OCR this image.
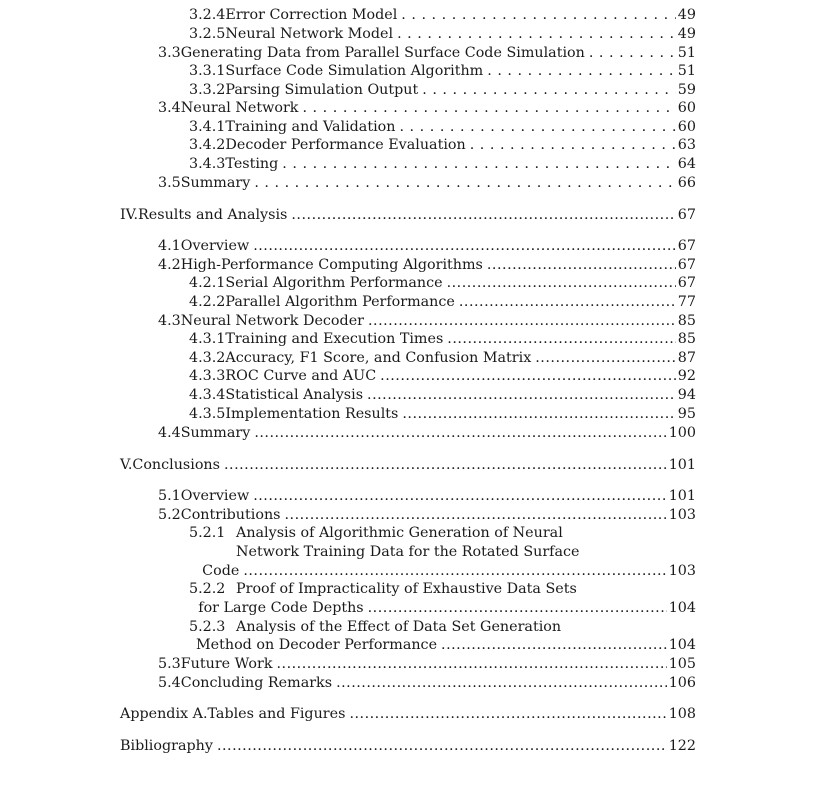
3.2.4 Error Correction Model . . .	49
3.2.5 Neural Network Model . . .	49
3.3 Generating Data from Parallel Surface Code Simulation . . .	51
3.3.1 Surface Code Simulation Algorithm . . .	51
3.3.2 Parsing Simulation Output . . .	59
3.4 Neural Network . . .	60
3.4.1 Training and Validation . . .	60
3.4.2 Decoder Performance Evaluation . . .	63
3.4.3 Testing . . .	64
3.5 Summary . . .	66
IV. Results and Analysis .....	67
4.1 Overview .....	67
4.2 High-Performance Computing Algorithms .....	67
4.2.1 Serial Algorithm Performance .....	67
4.2.2 Parallel Algorithm Performance .....	77
4.3 Neural Network Decoder .....	85
4.3.1 Training and Execution Times .....	85
4.3.2 Accuracy, F1 Score, and Confusion Matrix .....	87
4.3.3 ROC Curve and AUC .....	92
4.3.4 Statistical Analysis .....	94
4.3.5 Implementation Results .....	95
4.4 Summary .....	100
V. Conclusions .....	101
5.1 Overview .....	101
5.2 Contributions .....	103
5.2.1 Analysis of Algorithmic Generation of Neural
Network Training Data for the Rotated Surface
Code .....	103
5.2.2 Proof of Impracticality of Exhaustive Data Sets
for Large Code Depths .....	104
5.2.3 Analysis of the Effect of Data Set Generation
Method on Decoder Performance .....	104
5.3 Future Work .....	105
5.4 Concluding Remarks .....	106
Appendix A. Tables and Figures .....	108
Bibliography .....	122
